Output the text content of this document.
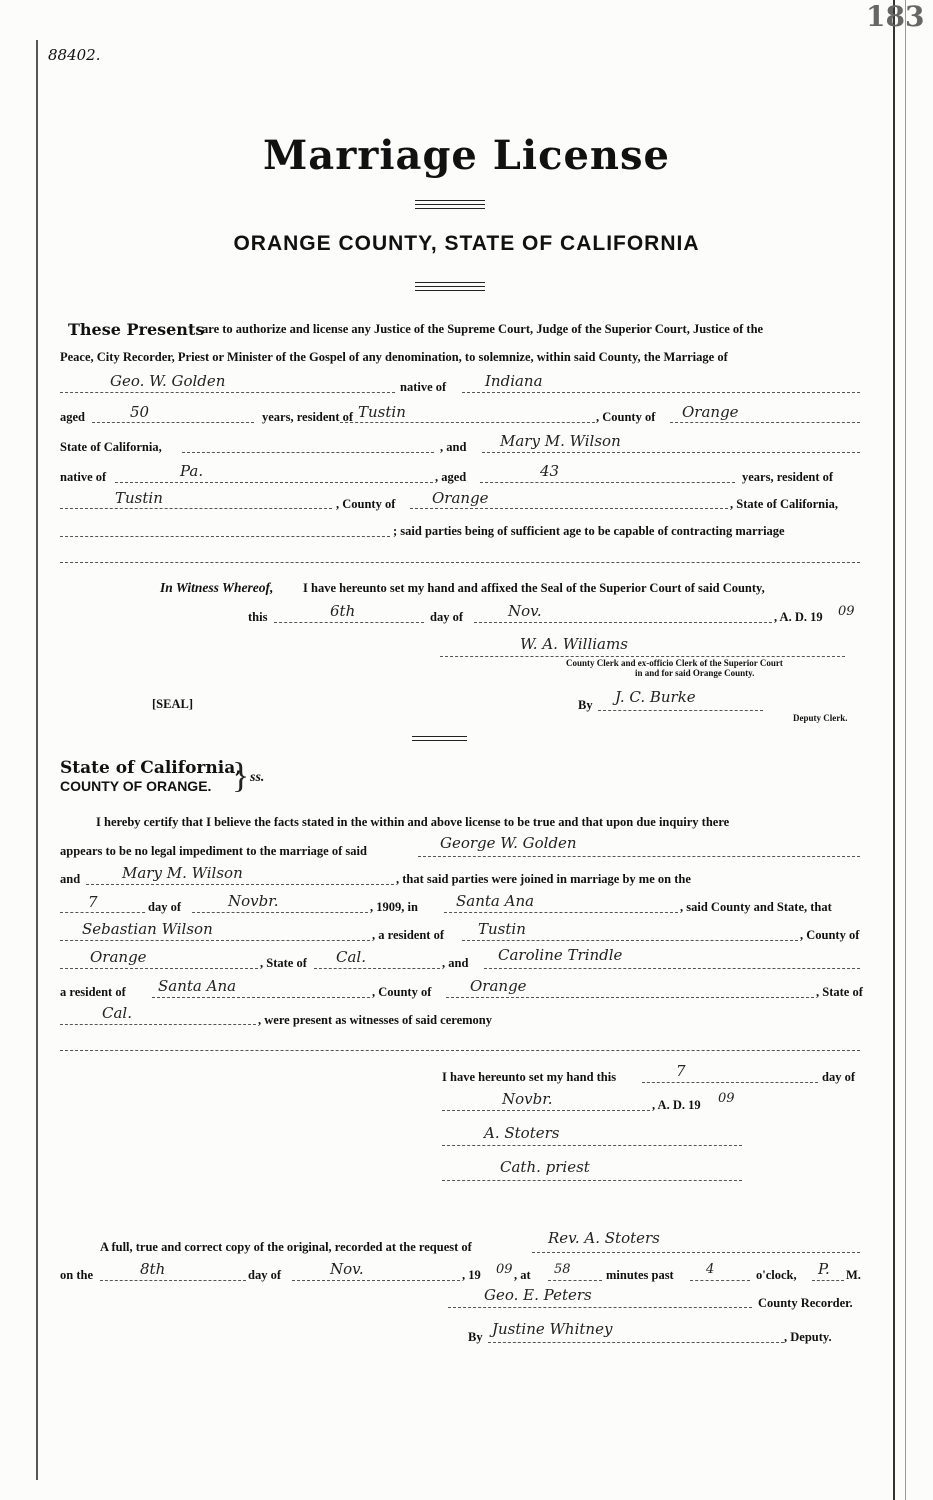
183
88402.
Marriage License
ORANGE COUNTY, STATE OF CALIFORNIA
These Presents
are to authorize and license any Justice of the Supreme Court, Judge of the Superior Court, Justice of the
Peace, City Recorder, Priest or Minister of the Gospel of any denomination, to solemnize, within said County, the Marriage of
Geo. W. Golden	native of	Indiana
aged	50	years, resident of Tustin	, County of Orange
State of California,	, and Mary M. Wilson
native of	Pa.	, aged	43	years, resident of
Tustin	, County of Orange	, State of California,
; said parties being of sufficient age to be capable of contracting marriage
In Witness Whereof, I have hereunto set my hand and affixed the Seal of the Superior Court of said County,
this	6th	day of	Nov.	, A. D. 19 09
W. A. Williams
County Clerk and ex-officio Clerk of the Superior Court
in and for said Orange County.
[SEAL]	By J. C. Burke
Deputy Clerk.
State of California,
COUNTY OF ORANGE. } ss.
I hereby certify that I believe the facts stated in the within and above license to be true and that upon due inquiry there
appears to be no legal impediment to the marriage of said	George W. Golden
and	Mary M. Wilson	, that said parties were joined in marriage by me on the
7	day of	Novbr.	, 1909, in	Santa Ana	, said County and State, that
Sebastian Wilson	, a resident of Tustin	, County of
Orange	, State of Cal.	, and Caroline Trindle
a resident of Santa Ana	, County of	Orange	, State of
Cal.	, were present as witnesses of said ceremony
I have hereunto set my hand this	7	day of
Novbr.	, A. D. 19 09
A. Stoters
Cath. priest
A full, true and correct copy of the original, recorded at the request of	Rev. A. Stoters
on the	8th	day of	Nov.	, 19 09 , at 58	minutes past 4	o'clock, P. M.
Geo. E. Peters	County Recorder.
By Justine Whitney	, Deputy.
